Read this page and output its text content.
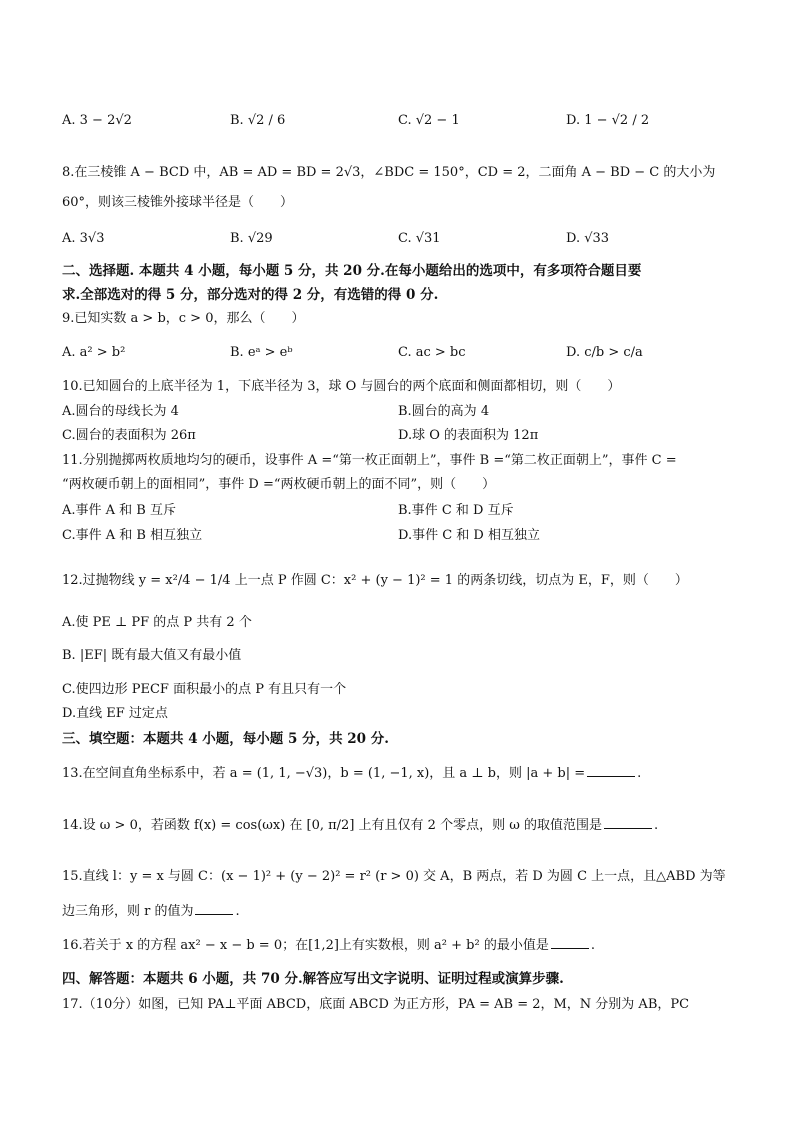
A. 3 − 2√2	B. √2 / 6	C. √2 − 1	D. 1 − √2 / 2
8.在三棱锥 A − BCD 中，AB = AD = BD = 2√3，∠BDC = 150°，CD = 2，二面角 A − BD − C 的大小为
60°，则该三棱锥外接球半径是（　　）
A. 3√3	B. √29	C. √31	D. √33
二、选择题. 本题共 4 小题，每小题 5 分，共 20 分.在每小题给出的选项中，有多项符合题目要
求.全部选对的得 5 分，部分选对的得 2 分，有选错的得 0 分.
9.已知实数 a > b，c > 0，那么（　　）
A. a² > b²	B. eᵃ > eᵇ	C. ac > bc	D. c/b > c/a
10.已知圆台的上底半径为 1，下底半径为 3，球 O 与圆台的两个底面和侧面都相切，则（　　）
A.圆台的母线长为 4	B.圆台的高为 4
C.圆台的表面积为 26π	D.球 O 的表面积为 12π
11.分别抛掷两枚质地均匀的硬币，设事件 A =“第一枚正面朝上”，事件 B =“第二枚正面朝上”，事件 C =
“两枚硬币朝上的面相同”，事件 D =“两枚硬币朝上的面不同”，则（　　）
A.事件 A 和 B 互斥	B.事件 C 和 D 互斥
C.事件 A 和 B 相互独立	D.事件 C 和 D 相互独立
12.过抛物线 y = x²/4 − 1/4 上一点 P 作圆 C：x² + (y − 1)² = 1 的两条切线，切点为 E，F，则（　　）
A.使 PE ⊥ PF 的点 P 共有 2 个
B. |EF| 既有最大值又有最小值
C.使四边形 PECF 面积最小的点 P 有且只有一个
D.直线 EF 过定点
三、填空题：本题共 4 小题，每小题 5 分，共 20 分.
13.在空间直角坐标系中，若 a = (1, 1, −√3)，b = (1, −1, x)，且 a ⊥ b，则 |a + b| =	.
14.设 ω > 0，若函数 f(x) = cos(ωx) 在 [0, π/2] 上有且仅有 2 个零点，则 ω 的取值范围是	.
15.直线 l：y = x 与圆 C：(x − 1)² + (y − 2)² = r² (r > 0) 交 A，B 两点，若 D 为圆 C 上一点，且△ABD 为等
边三角形，则 r 的值为	.
16.若关于 x 的方程 ax² − x − b = 0；在[1,2]上有实数根，则 a² + b² 的最小值是	.
四、解答题：本题共 6 小题，共 70 分.解答应写出文字说明、证明过程或演算步骤.
17.（10分）如图，已知 PA⊥平面 ABCD，底面 ABCD 为正方形，PA = AB = 2，M，N 分别为 AB，PC
